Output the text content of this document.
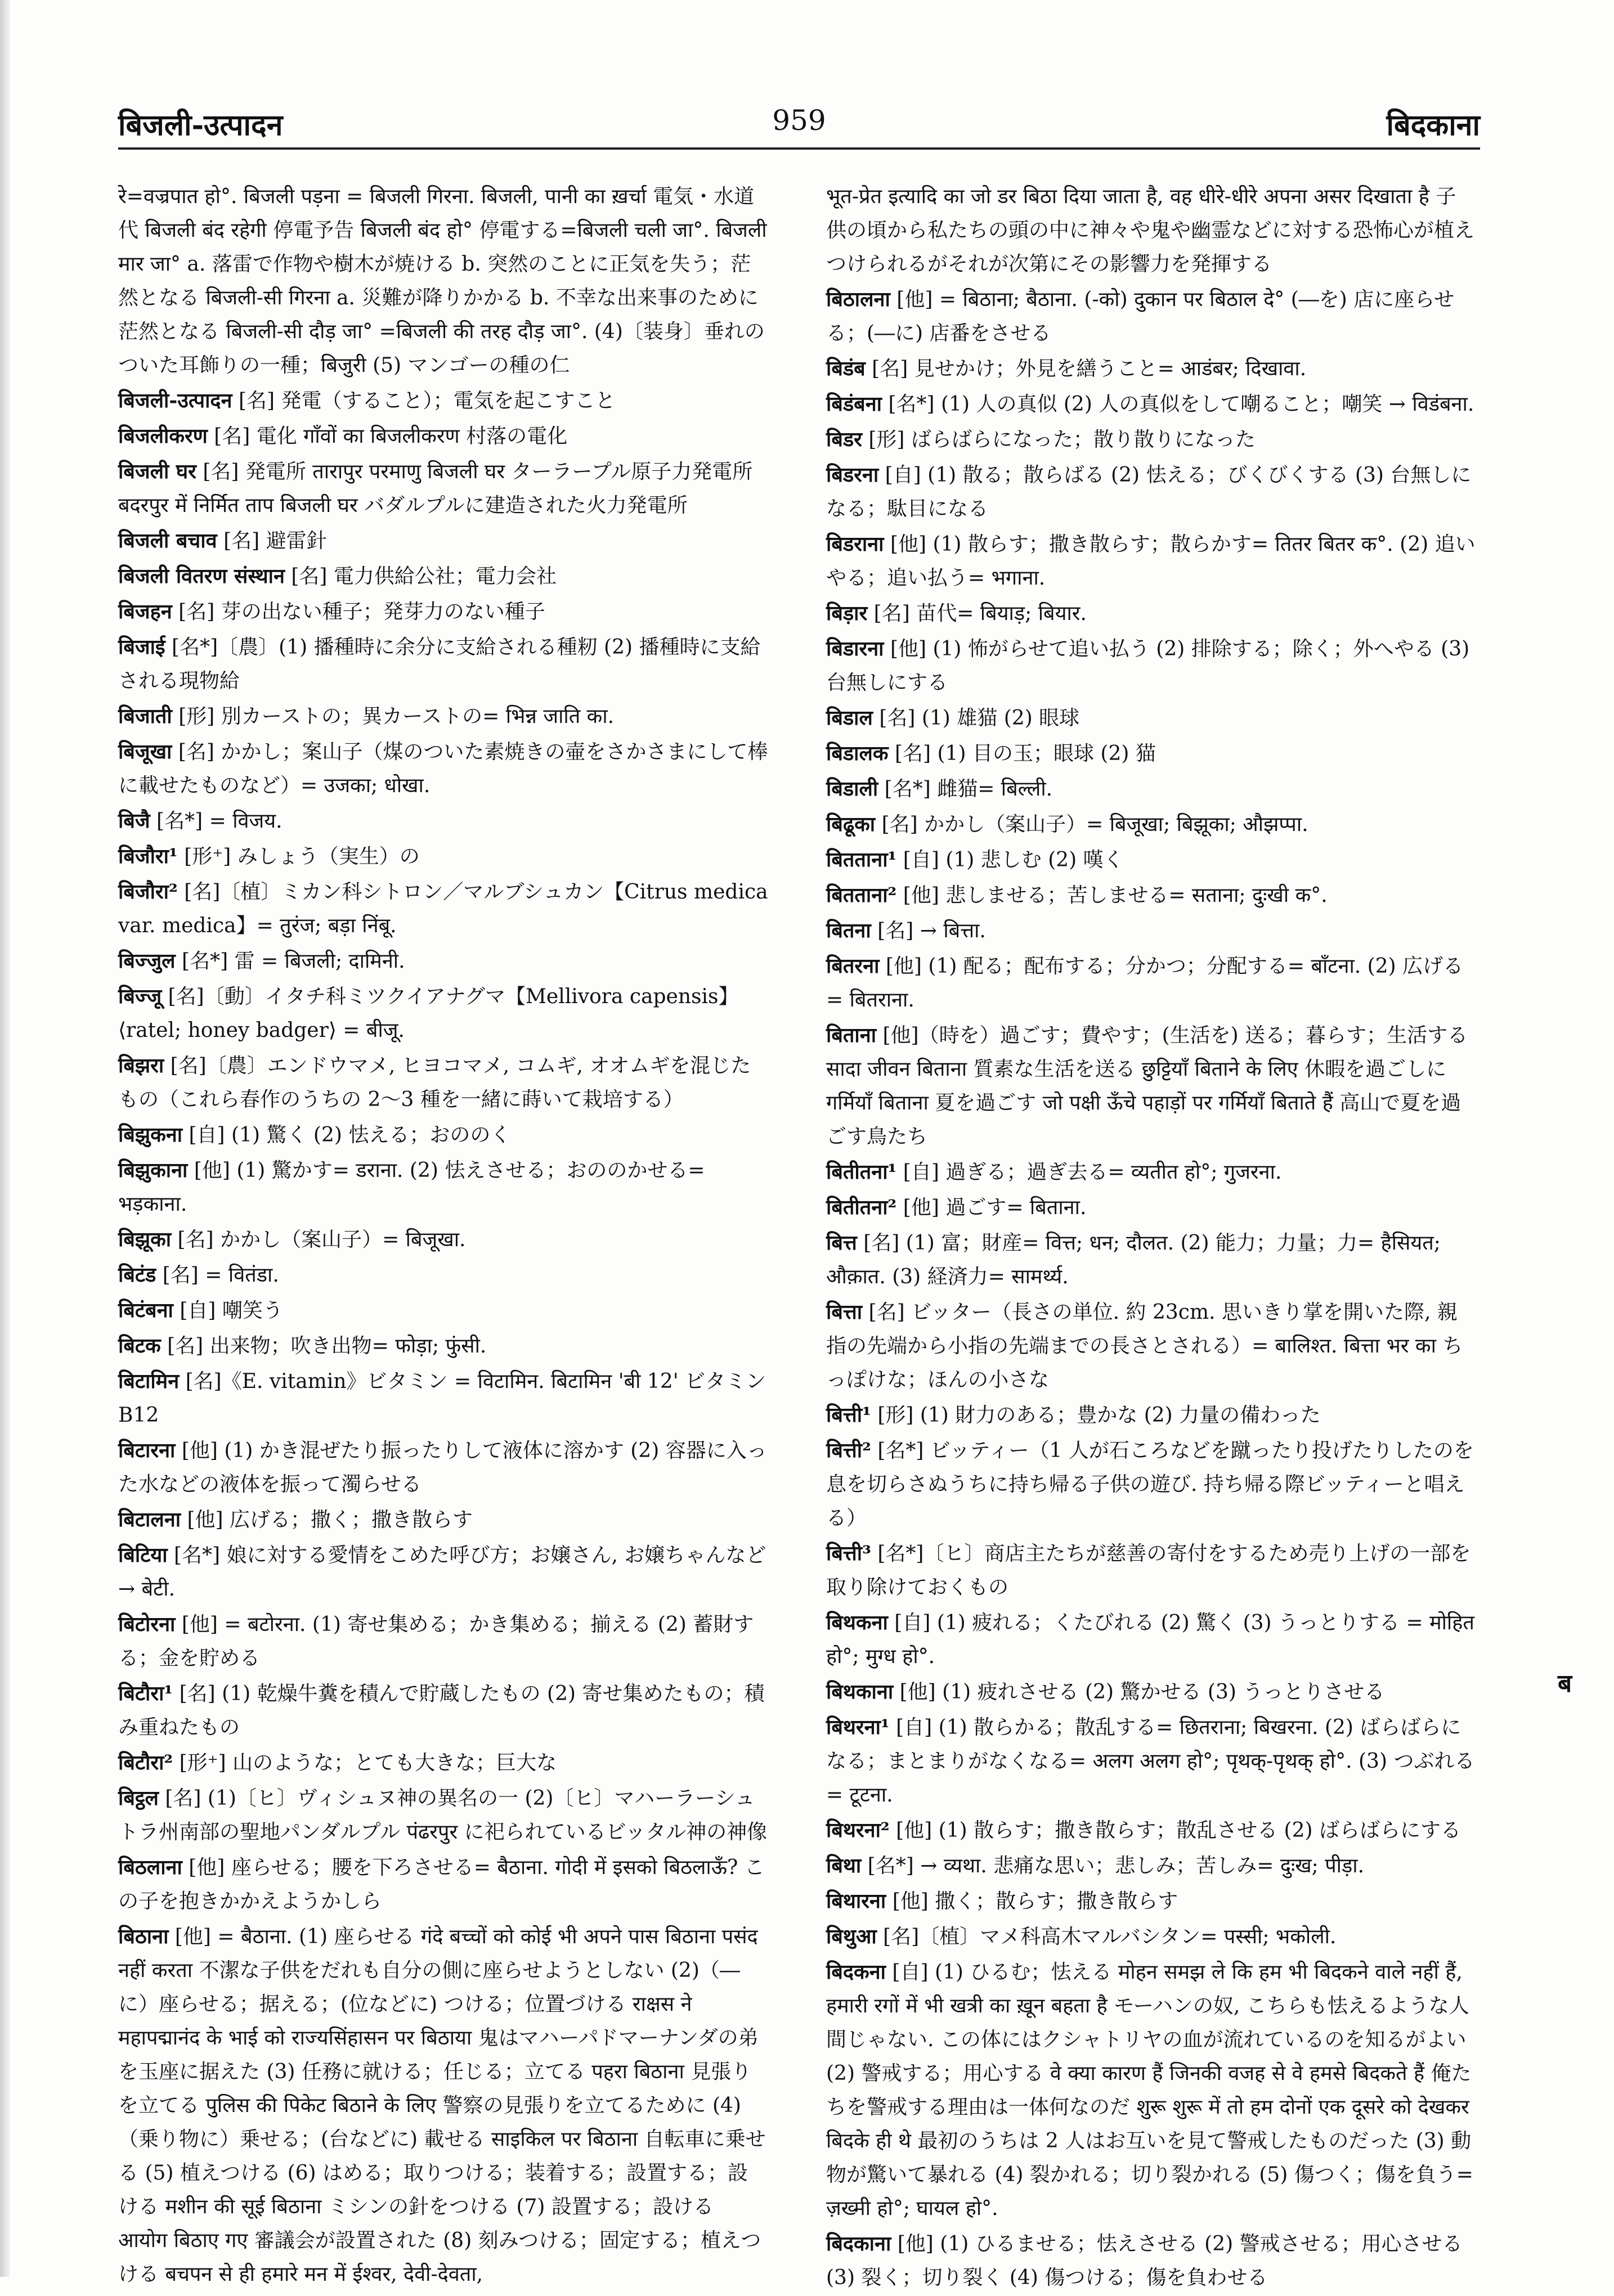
बिजली-उत्पादन	959	बिदकाना
रे=वज्रपात हो°. बिजली पड़ना = बिजली गिरना. बिजली, पानी का ख़र्चा 電気・水道代 बिजली बंद रहेगी 停電予告 बिजली बंद हो° 停電する=बिजली चली जा°. बिजली मार जा° a. 落雷で作物や樹木が焼ける b. 突然のことに正気を失う；茫然となる बिजली-सी गिरना a. 災難が降りかかる b. 不幸な出来事のために茫然となる बिजली-सी दौड़ जा° =बिजली की तरह दौड़ जा°. (4)〔装身〕垂れのついた耳飾りの一種；बिजुरी (5) マンゴーの種の仁
बिजली-उत्पादन [名] 発電（すること）；電気を起こすこと
बिजलीकरण [名] 電化 गाँवों का बिजलीकरण 村落の電化
बिजली घर [名] 発電所 तारापुर परमाणु बिजली घर ターラープル原子力発電所 बदरपुर में निर्मित ताप बिजली घर バダルプルに建造された火力発電所
बिजली बचाव [名] 避雷針
बिजली वितरण संस्थान [名] 電力供給公社；電力会社
बिजहन [名] 芽の出ない種子；発芽力のない種子
बिजाई [名*]〔農〕(1) 播種時に余分に支給される種籾 (2) 播種時に支給される現物給
बिजाती [形] 別カーストの；異カーストの= भिन्न जाति का.
बिजूखा [名] かかし；案山子（煤のついた素焼きの壷をさかさまにして棒に載せたものなど）= उजका; धोखा.
बिजै [名*] = विजय.
बिजौरा¹ [形⁺] みしょう（実生）の
बिजौरा² [名]〔植〕ミカン科シトロン／マルブシュカン【Citrus medica var. medica】= तुरंज; बड़ा निंबू.
बिज्जुल [名*] 雷 = बिजली; दामिनी.
बिज्जू [名]〔動〕イタチ科ミツクイアナグマ【Mellivora capensis】⟨ratel; honey badger⟩ = बीजू.
बिझरा [名]〔農〕エンドウマメ, ヒヨコマメ, コムギ, オオムギを混じたもの（これら春作のうちの 2〜3 種を一緒に蒔いて栽培する）
बिझुकना [自] (1) 驚く (2) 怯える；おののく
बिझुकाना [他] (1) 驚かす= डराना. (2) 怯えさせる；おののかせる= भड़काना.
बिझूका [名] かかし（案山子）= बिजूखा.
बिटंड [名] = वितंडा.
बिटंबना [自] 嘲笑う
बिटक [名] 出来物；吹き出物= फोड़ा; फुंसी.
बिटामिन [名]《E. vitamin》ビタミン = विटामिन. बिटामिन 'बी 12' ビタミン B12
बिटारना [他] (1) かき混ぜたり振ったりして液体に溶かす (2) 容器に入った水などの液体を振って濁らせる
बिटालना [他] 広げる；撒く；撒き散らす
बिटिया [名*] 娘に対する愛情をこめた呼び方；お嬢さん, お嬢ちゃんなど→ बेटी.
बिटोरना [他] = बटोरना. (1) 寄せ集める；かき集める；揃える (2) 蓄財する；金を貯める
बिटौरा¹ [名] (1) 乾燥牛糞を積んで貯蔵したもの (2) 寄せ集めたもの；積み重ねたもの
बिटौरा² [形⁺] 山のような；とても大きな；巨大な
बिट्ठल [名] (1)〔ヒ〕ヴィシュヌ神の異名の一 (2)〔ヒ〕マハーラーシュトラ州南部の聖地パンダルプル पंढरपुर に祀られているビッタル神の神像
बिठलाना [他] 座らせる；腰を下ろさせる= बैठाना. गोदी में इसको बिठलाऊँ? この子を抱きかかえようかしら
बिठाना [他] = बैठाना. (1) 座らせる गंदे बच्चों को कोई भी अपने पास बिठाना पसंद नहीं करता 不潔な子供をだれも自分の側に座らせようとしない (2)（―に）座らせる；据える；(位などに) つける；位置づける राक्षस ने महापद्मानंद के भाई को राज्यसिंहासन पर बिठाया 鬼はマハーパドマーナンダの弟を玉座に据えた (3) 任務に就ける；任じる；立てる पहरा बिठाना 見張りを立てる पुलिस की पिकेट बिठाने के लिए 警察の見張りを立てるために (4)（乗り物に）乗せる；(台などに) 載せる साइकिल पर बिठाना 自転車に乗せる (5) 植えつける (6) はめる；取りつける；装着する；設置する；設ける मशीन की सूई बिठाना ミシンの針をつける (7) 設置する；設ける आयोग बिठाए गए 審議会が設置された (8) 刻みつける；固定する；植えつける बचपन से ही हमारे मन में ईश्वर, देवी-देवता,
भूत-प्रेत इत्यादि का जो डर बिठा दिया जाता है, वह धीरे-धीरे अपना असर दिखाता है 子供の頃から私たちの頭の中に神々や鬼や幽霊などに対する恐怖心が植えつけられるがそれが次第にその影響力を発揮する
बिठालना [他] = बिठाना; बैठाना. (-को) दुकान पर बिठाल दे° (―を) 店に座らせる；(―に) 店番をさせる
बिडंब [名] 見せかけ；外見を繕うこと= आडंबर; दिखावा.
बिडंबना [名*] (1) 人の真似 (2) 人の真似をして嘲ること；嘲笑 → विडंबना.
बिडर [形] ばらばらになった；散り散りになった
बिडरना [自] (1) 散る；散らばる (2) 怯える；びくびくする (3) 台無しになる；駄目になる
बिडराना [他] (1) 散らす；撒き散らす；散らかす= तितर बितर क°. (2) 追いやる；追い払う= भगाना.
बिड़ार [名] 苗代= बियाड़; बियार.
बिडारना [他] (1) 怖がらせて追い払う (2) 排除する；除く；外へやる (3) 台無しにする
बिडाल [名] (1) 雄猫 (2) 眼球
बिडालक [名] (1) 目の玉；眼球 (2) 猫
बिडाली [名*] 雌猫= बिल्ली.
बिढूका [名] かかし（案山子）= बिजूखा; बिझूका; औझप्पा.
बितताना¹ [自] (1) 悲しむ (2) 嘆く
बितताना² [他] 悲しませる；苦しませる= सताना; दुःखी क°.
बितना [名] → बित्ता.
बितरना [他] (1) 配る；配布する；分かつ；分配する= बाँटना. (2) 広げる= बितराना.
बिताना [他]（時を）過ごす；費やす；(生活を) 送る；暮らす；生活する सादा जीवन बिताना 質素な生活を送る छुट्टियाँ बिताने के लिए 休暇を過ごしに गर्मियाँ बिताना 夏を過ごす जो पक्षी ऊँचे पहाड़ों पर गर्मियाँ बिताते हैं 高山で夏を過ごす鳥たち
बितीतना¹ [自] 過ぎる；過ぎ去る= व्यतीत हो°; गुजरना.
बितीतना² [他] 過ごす= बिताना.
बित्त [名] (1) 富；財産= वित्त; धन; दौलत. (2) 能力；力量；力= हैसियत; औक़ात. (3) 経済力= सामर्थ्य.
बित्ता [名] ビッター（長さの単位. 約 23cm. 思いきり掌を開いた際, 親指の先端から小指の先端までの長さとされる）= बालिश्त. बित्ता भर का ちっぽけな；ほんの小さな
बित्ती¹ [形] (1) 財力のある；豊かな (2) 力量の備わった
बित्ती² [名*] ビッティー（1 人が石ころなどを蹴ったり投げたりしたのを息を切らさぬうちに持ち帰る子供の遊び. 持ち帰る際ビッティーと唱える）
बित्ती³ [名*]〔ヒ〕商店主たちが慈善の寄付をするため売り上げの一部を取り除けておくもの
बिथकना [自] (1) 疲れる；くたびれる (2) 驚く (3) うっとりする = मोहित हो°; मुग्ध हो°.
बिथकाना [他] (1) 疲れさせる (2) 驚かせる (3) うっとりさせる
बिथरना¹ [自] (1) 散らかる；散乱する= छितराना; बिखरना. (2) ばらばらになる；まとまりがなくなる= अलग अलग हो°; पृथक्-पृथक् हो°. (3) つぶれる= टूटना.
बिथरना² [他] (1) 散らす；撒き散らす；散乱させる (2) ばらばらにする
बिथा [名*] → व्यथा. 悲痛な思い；悲しみ；苦しみ= दुःख; पीड़ा.
बिथारना [他] 撒く；散らす；撒き散らす
बिथुआ [名]〔植〕マメ科高木マルバシタン= पस्सी; भकोली.
बिदकना [自] (1) ひるむ；怯える मोहन समझ ले कि हम भी बिदकने वाले नहीं हैं, हमारी रगों में भी खत्री का ख़ून बहता है モーハンの奴, こちらも怯えるような人間じゃない. この体にはクシャトリヤの血が流れているのを知るがよい (2) 警戒する；用心する वे क्या कारण हैं जिनकी वजह से वे हमसे बिदकते हैं 俺たちを警戒する理由は一体何なのだ शुरू शुरू में तो हम दोनों एक दूसरे को देखकर बिदके ही थे 最初のうちは 2 人はお互いを見て警戒したものだった (3) 動物が驚いて暴れる (4) 裂かれる；切り裂かれる (5) 傷つく；傷を負う= ज़ख्मी हो°; घायल हो°.
बिदकाना [他] (1) ひるませる；怯えさせる (2) 警戒させる；用心させる (3) 裂く；切り裂く (4) 傷つける；傷を負わせる
ब
